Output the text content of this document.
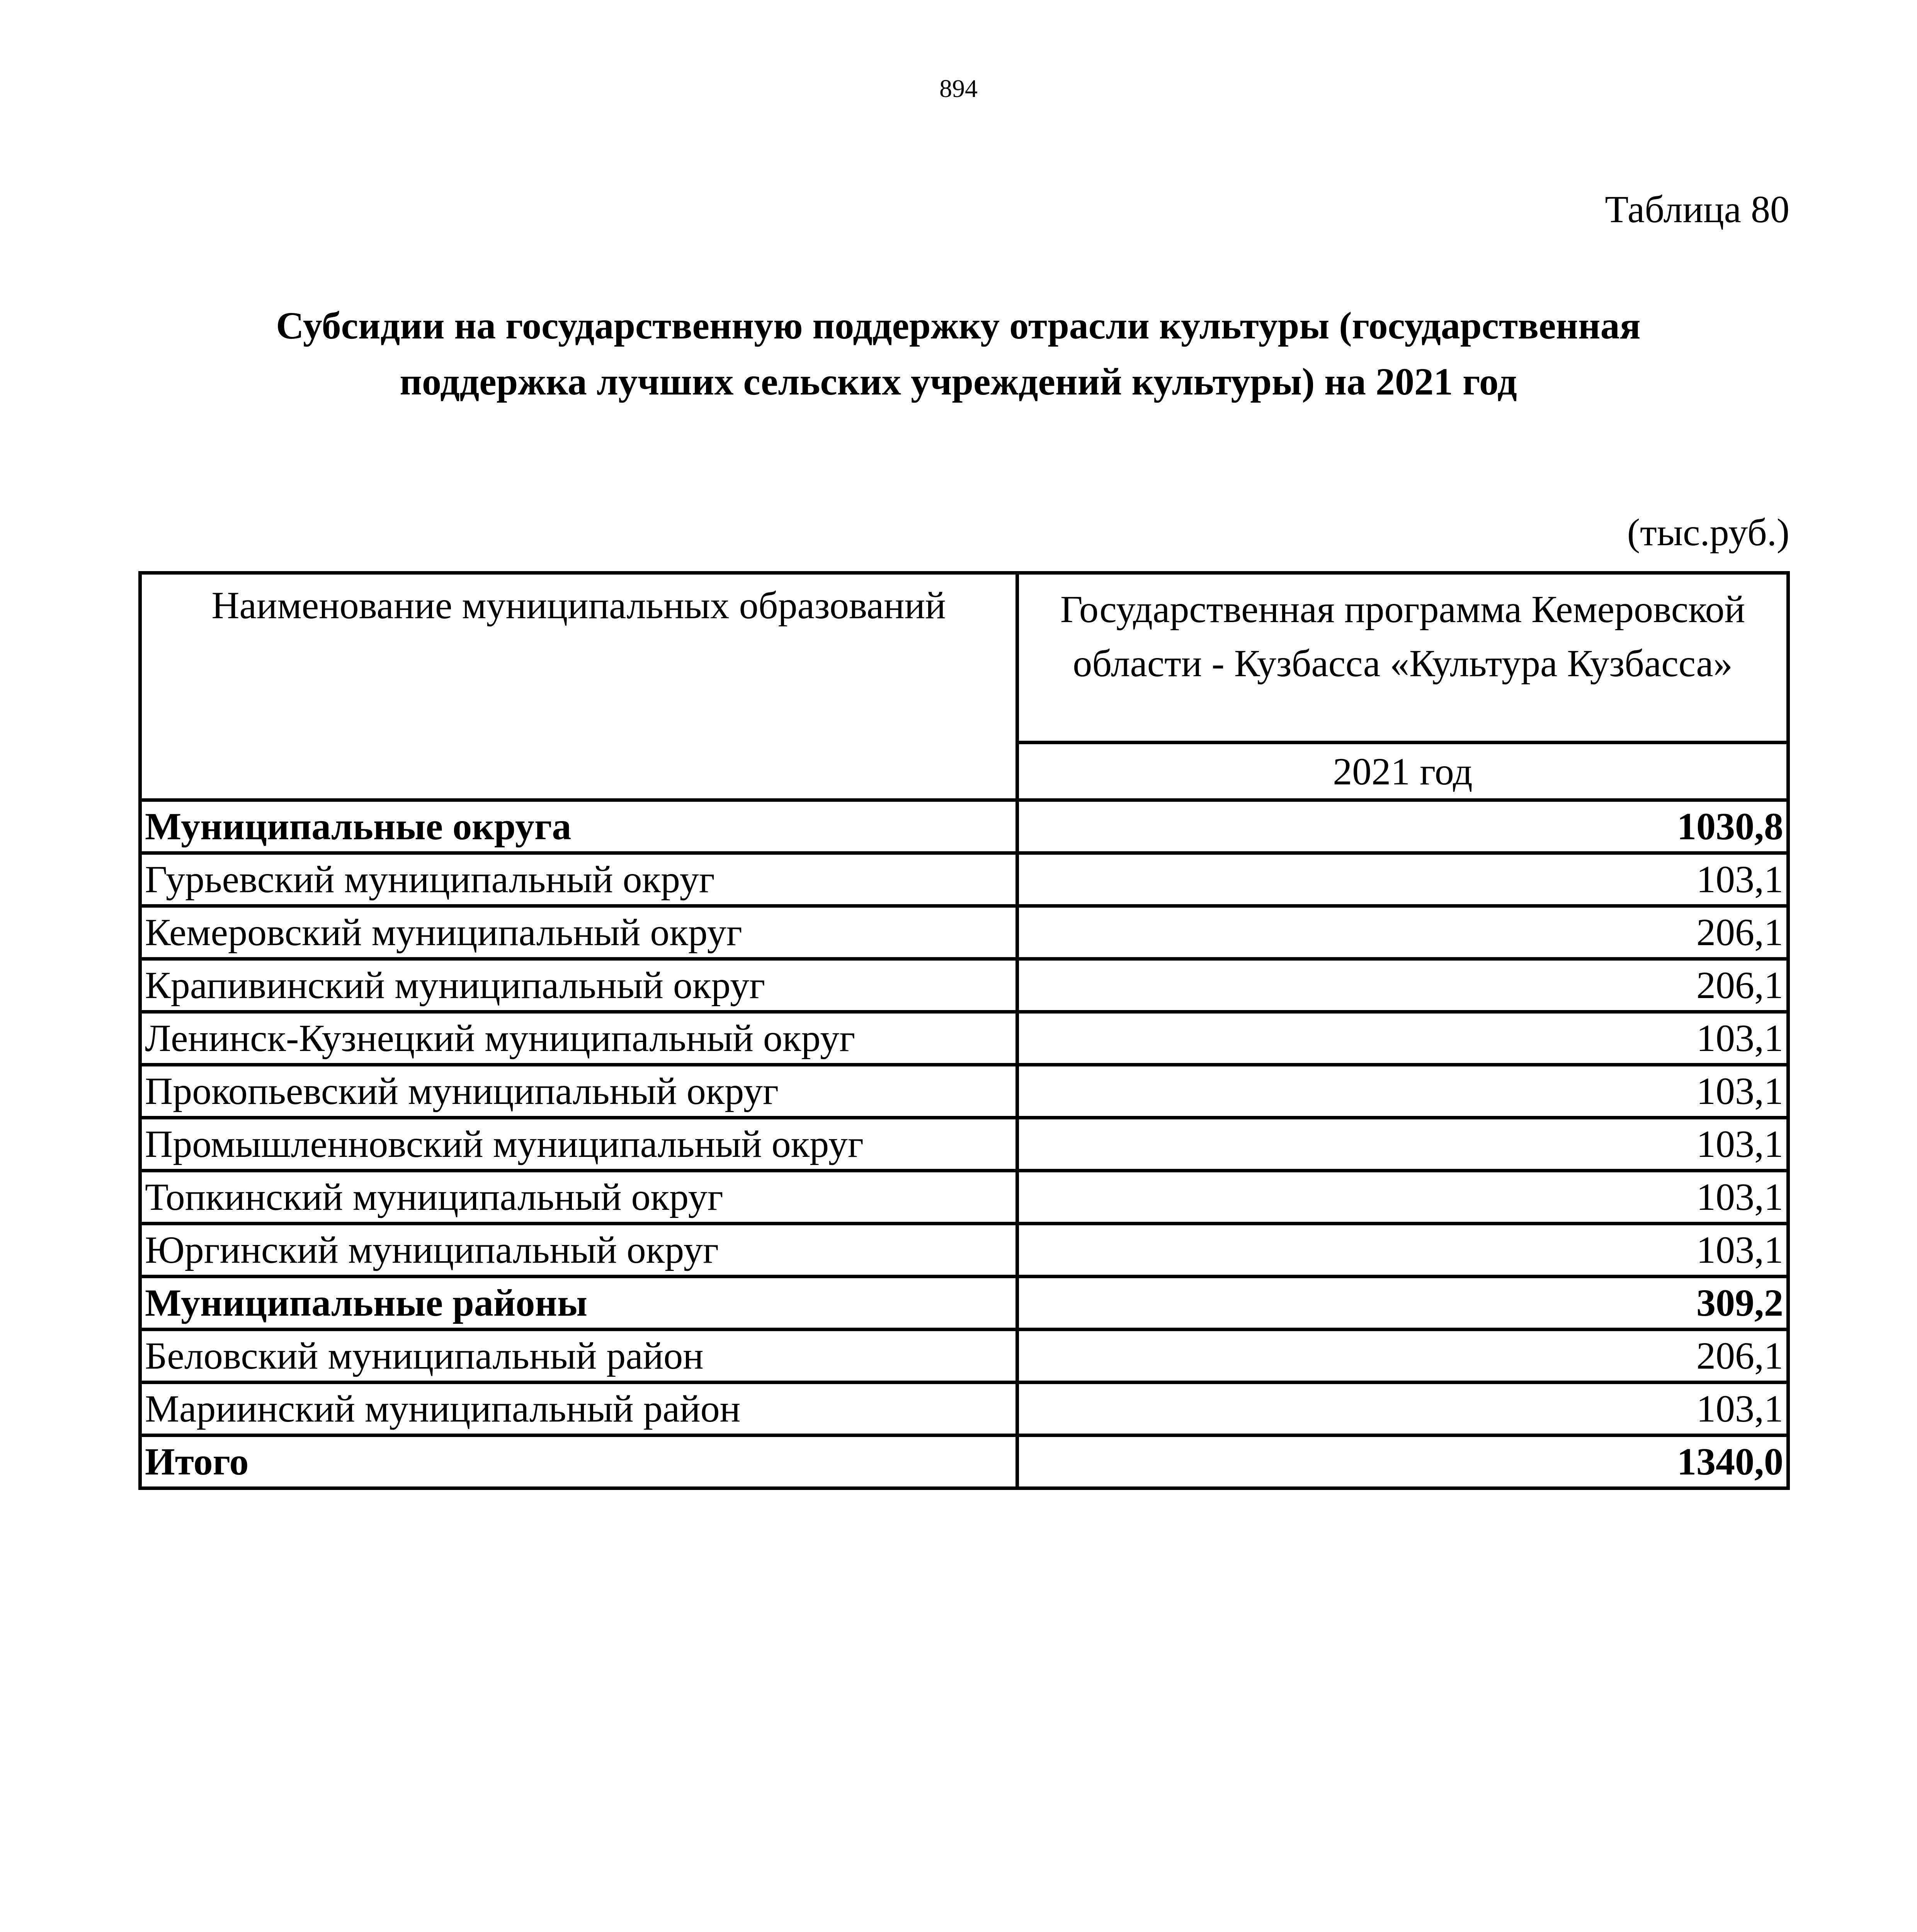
894
Таблица 80
Субсидии на государственную поддержку отрасли культуры (государственная
поддержка лучших сельских учреждений культуры) на 2021 год
(тыс.руб.)
Наименование муниципальных образований	Государственная программа Кемеровской
области - Кузбасса «Культура Кузбасса»

	2021 год
Муниципальные округа	1030,8
Гурьевский муниципальный округ	103,1
Кемеровский муниципальный округ	206,1
Крапивинский муниципальный округ	206,1
Ленинск-Кузнецкий муниципальный округ	103,1
Прокопьевский муниципальный округ	103,1
Промышленновский муниципальный округ	103,1
Топкинский муниципальный округ	103,1
Юргинский муниципальный округ	103,1
Муниципальные районы	309,2
Беловский муниципальный район	206,1
Мариинский муниципальный район	103,1
Итого	1340,0
